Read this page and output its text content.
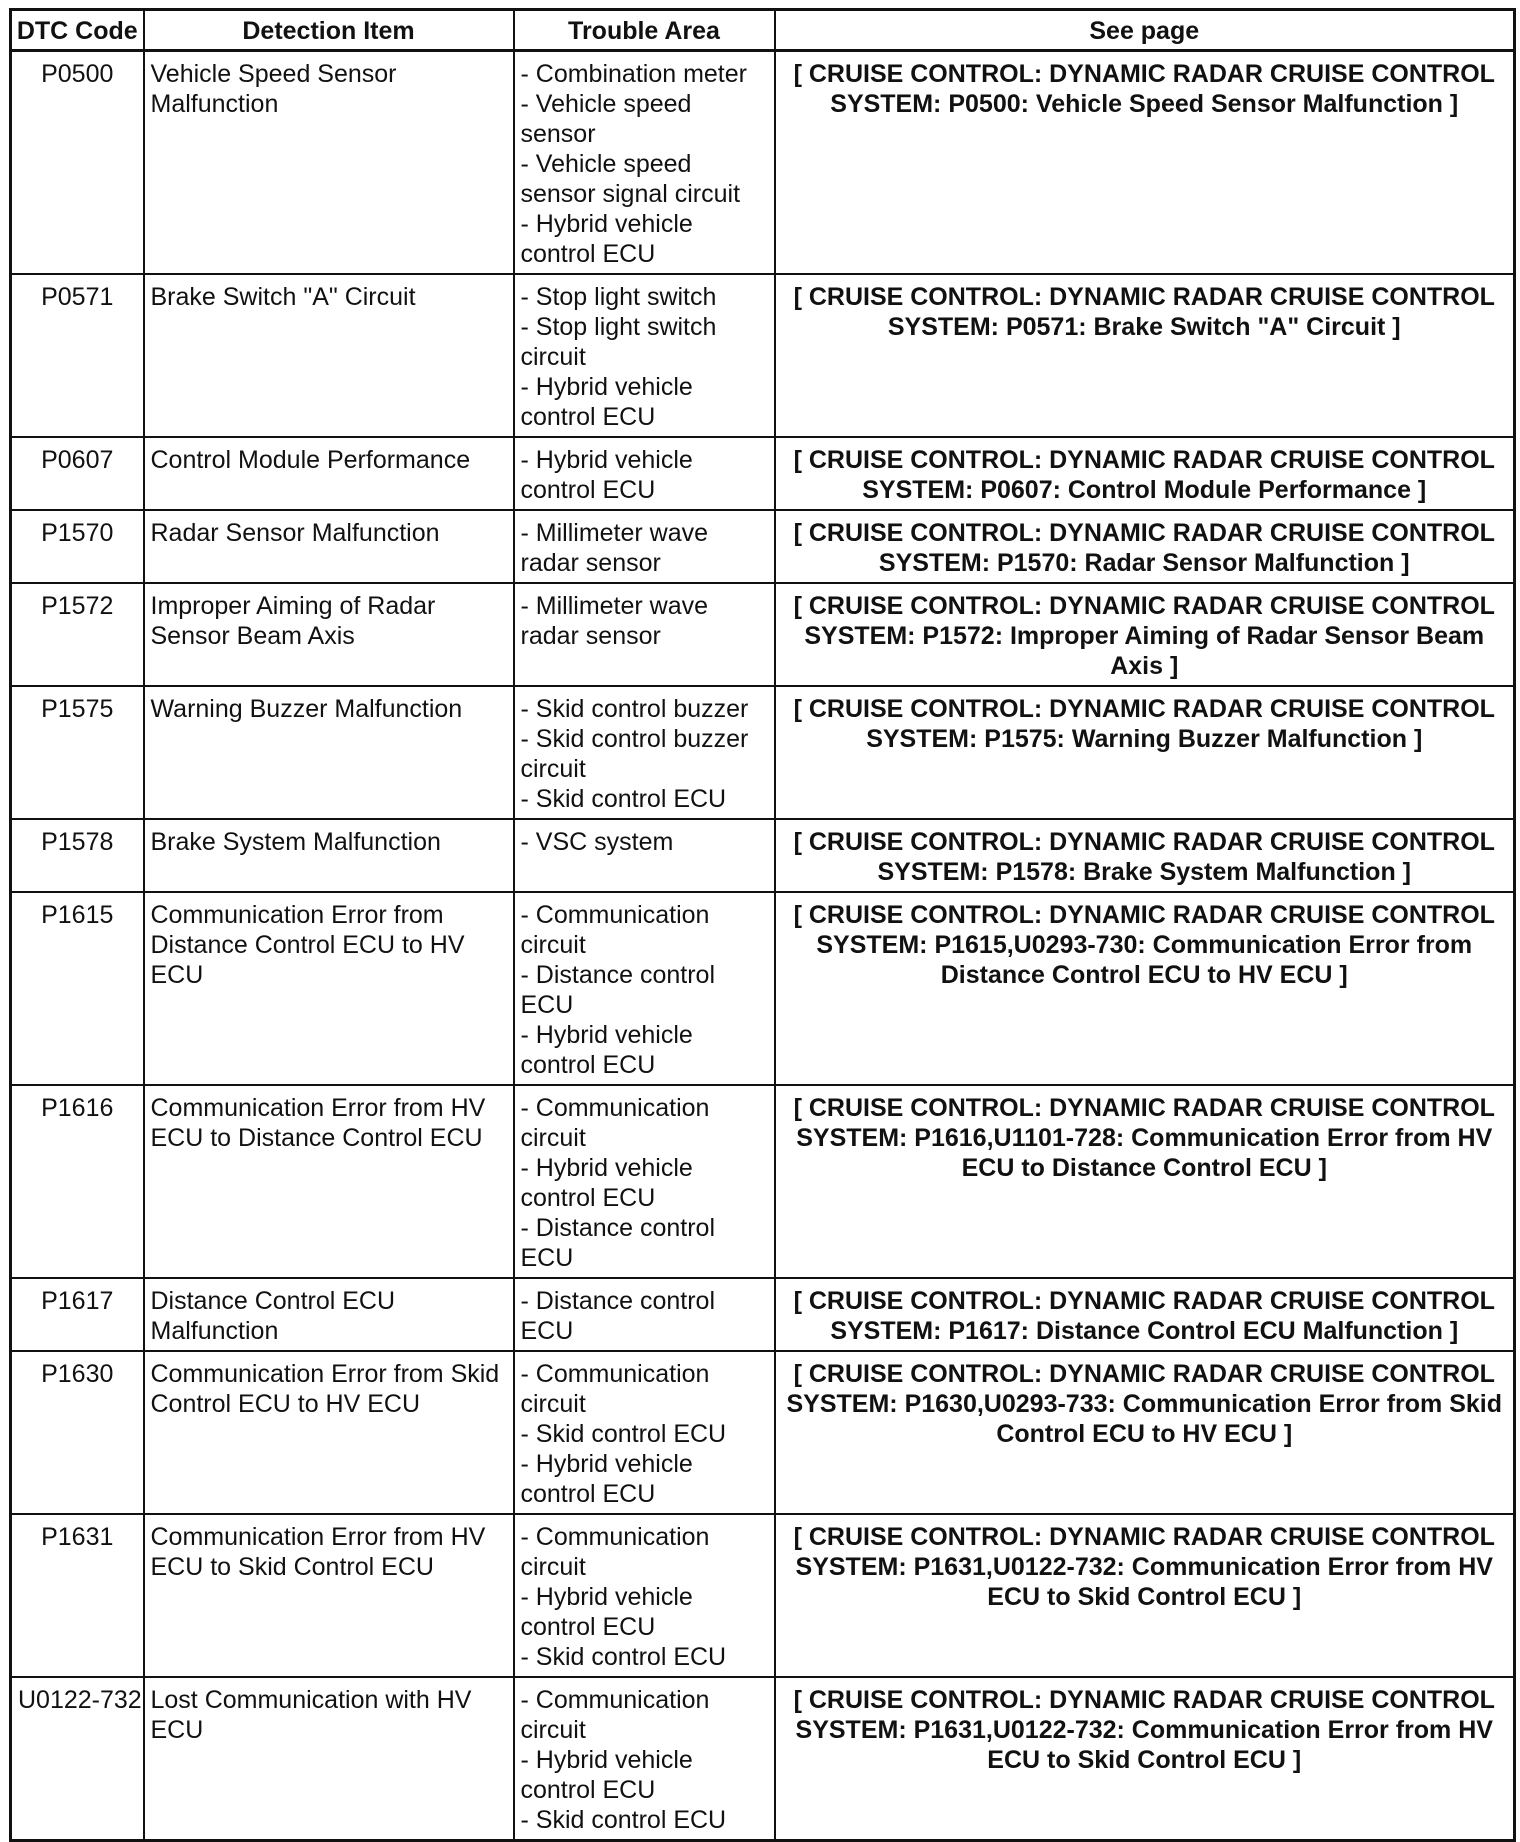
DTC Code	Detection Item	Trouble Area	See page
P0500	Vehicle Speed Sensor Malfunction	- Combination meter
- Vehicle speed sensor
- Vehicle speed sensor signal circuit
- Hybrid vehicle control ECU	[ CRUISE CONTROL: DYNAMIC RADAR CRUISE CONTROL SYSTEM: P0500: Vehicle Speed Sensor Malfunction ]
P0571	Brake Switch "A" Circuit	- Stop light switch
- Stop light switch circuit
- Hybrid vehicle control ECU	[ CRUISE CONTROL: DYNAMIC RADAR CRUISE CONTROL SYSTEM: P0571: Brake Switch "A" Circuit ]
P0607	Control Module Performance	- Hybrid vehicle control ECU	[ CRUISE CONTROL: DYNAMIC RADAR CRUISE CONTROL SYSTEM: P0607: Control Module Performance ]
P1570	Radar Sensor Malfunction	- Millimeter wave radar sensor	[ CRUISE CONTROL: DYNAMIC RADAR CRUISE CONTROL SYSTEM: P1570: Radar Sensor Malfunction ]
P1572	Improper Aiming of Radar Sensor Beam Axis	- Millimeter wave radar sensor	[ CRUISE CONTROL: DYNAMIC RADAR CRUISE CONTROL SYSTEM: P1572: Improper Aiming of Radar Sensor Beam Axis ]
P1575	Warning Buzzer Malfunction	- Skid control buzzer
- Skid control buzzer circuit
- Skid control ECU	[ CRUISE CONTROL: DYNAMIC RADAR CRUISE CONTROL SYSTEM: P1575: Warning Buzzer Malfunction ]
P1578	Brake System Malfunction	- VSC system	[ CRUISE CONTROL: DYNAMIC RADAR CRUISE CONTROL SYSTEM: P1578: Brake System Malfunction ]
P1615	Communication Error from Distance Control ECU to HV ECU	- Communication circuit
- Distance control ECU
- Hybrid vehicle control ECU	[ CRUISE CONTROL: DYNAMIC RADAR CRUISE CONTROL SYSTEM: P1615,U0293-730: Communication Error from Distance Control ECU to HV ECU ]
P1616	Communication Error from HV ECU to Distance Control ECU	- Communication circuit
- Hybrid vehicle control ECU
- Distance control ECU	[ CRUISE CONTROL: DYNAMIC RADAR CRUISE CONTROL SYSTEM: P1616,U1101-728: Communication Error from HV ECU to Distance Control ECU ]
P1617	Distance Control ECU Malfunction	- Distance control ECU	[ CRUISE CONTROL: DYNAMIC RADAR CRUISE CONTROL SYSTEM: P1617: Distance Control ECU Malfunction ]
P1630	Communication Error from Skid Control ECU to HV ECU	- Communication circuit
- Skid control ECU
- Hybrid vehicle control ECU	[ CRUISE CONTROL: DYNAMIC RADAR CRUISE CONTROL SYSTEM: P1630,U0293-733: Communication Error from Skid Control ECU to HV ECU ]
P1631	Communication Error from HV ECU to Skid Control ECU	- Communication circuit
- Hybrid vehicle control ECU
- Skid control ECU	[ CRUISE CONTROL: DYNAMIC RADAR CRUISE CONTROL SYSTEM: P1631,U0122-732: Communication Error from HV ECU to Skid Control ECU ]
U0122-732	Lost Communication with HV ECU	- Communication circuit
- Hybrid vehicle control ECU
- Skid control ECU	[ CRUISE CONTROL: DYNAMIC RADAR CRUISE CONTROL SYSTEM: P1631,U0122-732: Communication Error from HV ECU to Skid Control ECU ]
